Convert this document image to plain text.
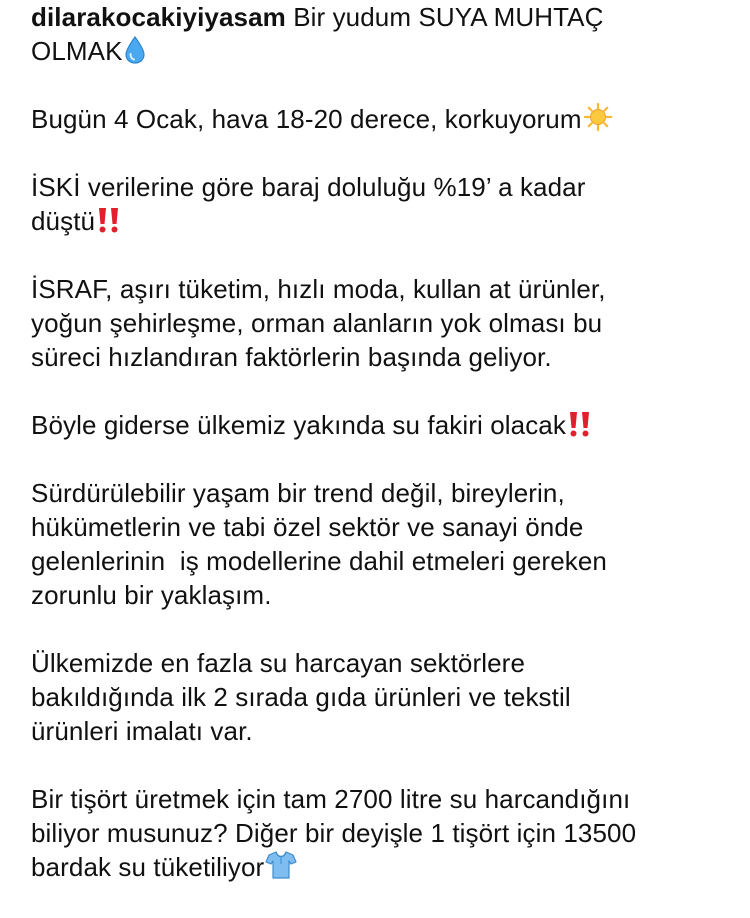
dilarakocakiyiyasam Bir yudum SUYA MUHTAÇ
OLMAK
Bugün 4 Ocak, hava 18-20 derece, korkuyorum
İSKİ verilerine göre baraj doluluğu %19’ a kadar
düştü
İSRAF, aşırı tüketim, hızlı moda, kullan at ürünler,
yoğun şehirleşme, orman alanların yok olması bu
süreci hızlandıran faktörlerin başında geliyor.
Böyle giderse ülkemiz yakında su fakiri olacak
Sürdürülebilir yaşam bir trend değil, bireylerin,
hükümetlerin ve tabi özel sektör ve sanayi önde
gelenlerinin  iş modellerine dahil etmeleri gereken
zorunlu bir yaklaşım.
Ülkemizde en fazla su harcayan sektörlere
bakıldığında ilk 2 sırada gıda ürünleri ve tekstil
ürünleri imalatı var.
Bir tişört üretmek için tam 2700 litre su harcandığını
biliyor musunuz? Diğer bir deyişle 1 tişört için 13500
bardak su tüketiliyor
